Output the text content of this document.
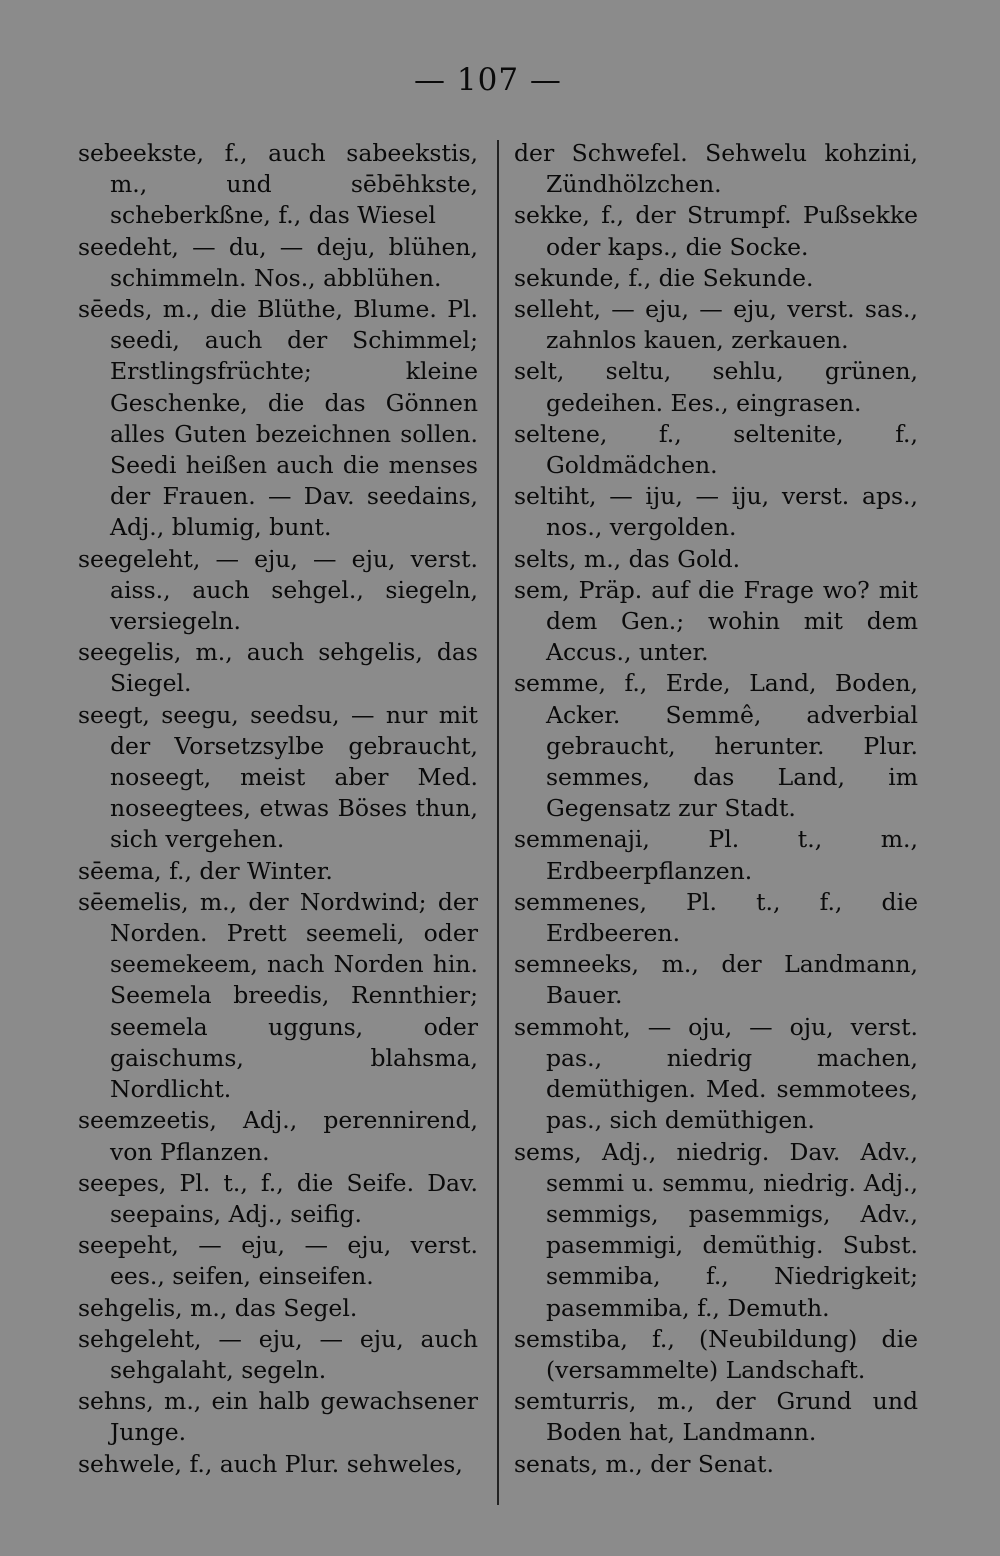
— 107 —
sebeekste, f., auch sabeekstis, m., und sēbēhkste, scheberkßne, f., das Wiesel
seedeht, — du, — deju, blühen, schimmeln. Nos., abblühen.
sēeds, m., die Blüthe, Blume. Pl. seedi, auch der Schimmel; Erstlingsfrüchte; kleine Geschenke, die das Gönnen alles Guten bezeichnen sollen. Seedi heißen auch die menses der Frauen. — Dav. seedains, Adj., blumig, bunt.
seegeleht, — eju, — eju, verst. aiss., auch sehgel., siegeln, versiegeln.
seegelis, m., auch sehgelis, das Siegel.
seegt, seegu, seedsu, — nur mit der Vorsetzsylbe gebraucht, noseegt, meist aber Med. noseegtees, etwas Böses thun, sich vergehen.
sēema, f., der Winter.
sēemelis, m., der Nordwind; der Norden. Prett seemeli, oder seemekeem, nach Norden hin. Seemela breedis, Rennthier; seemela ugguns, oder gaischums, blahsma, Nordlicht.
seemzeetis, Adj., perennirend, von Pflanzen.
seepes, Pl. t., f., die Seife. Dav. seepains, Adj., seifig.
seepeht, — eju, — eju, verst. ees., seifen, einseifen.
sehgelis, m., das Segel.
sehgeleht, — eju, — eju, auch sehgalaht, segeln.
sehns, m., ein halb gewachsener Junge.
sehwele, f., auch Plur. sehweles,
der Schwefel. Sehwelu kohzini, Zündhölzchen.
sekke, f., der Strumpf. Pußsekke oder kaps., die Socke.
sekunde, f., die Sekunde.
selleht, — eju, — eju, verst. sas., zahnlos kauen, zerkauen.
selt, seltu, sehlu, grünen, gedeihen. Ees., eingrasen.
seltene, f., seltenite, f., Goldmädchen.
seltiht, — iju, — iju, verst. aps., nos., vergolden.
selts, m., das Gold.
sem, Präp. auf die Frage wo? mit dem Gen.; wohin mit dem Accus., unter.
semme, f., Erde, Land, Boden, Acker. Semmê, adverbial gebraucht, herunter. Plur. semmes, das Land, im Gegensatz zur Stadt.
semmenaji, Pl. t., m., Erdbeerpflanzen.
semmenes, Pl. t., f., die Erdbeeren.
semneeks, m., der Landmann, Bauer.
semmoht, — oju, — oju, verst. pas., niedrig machen, demüthigen. Med. semmotees, pas., sich demüthigen.
sems, Adj., niedrig. Dav. Adv., semmi u. semmu, niedrig. Adj., semmigs, pasemmigs, Adv., pasemmigi, demüthig. Subst. semmiba, f., Niedrigkeit; pasemmiba, f., Demuth.
semstiba, f., (Neubildung) die (versammelte) Landschaft.
semturris, m., der Grund und Boden hat, Landmann.
senats, m., der Senat.
